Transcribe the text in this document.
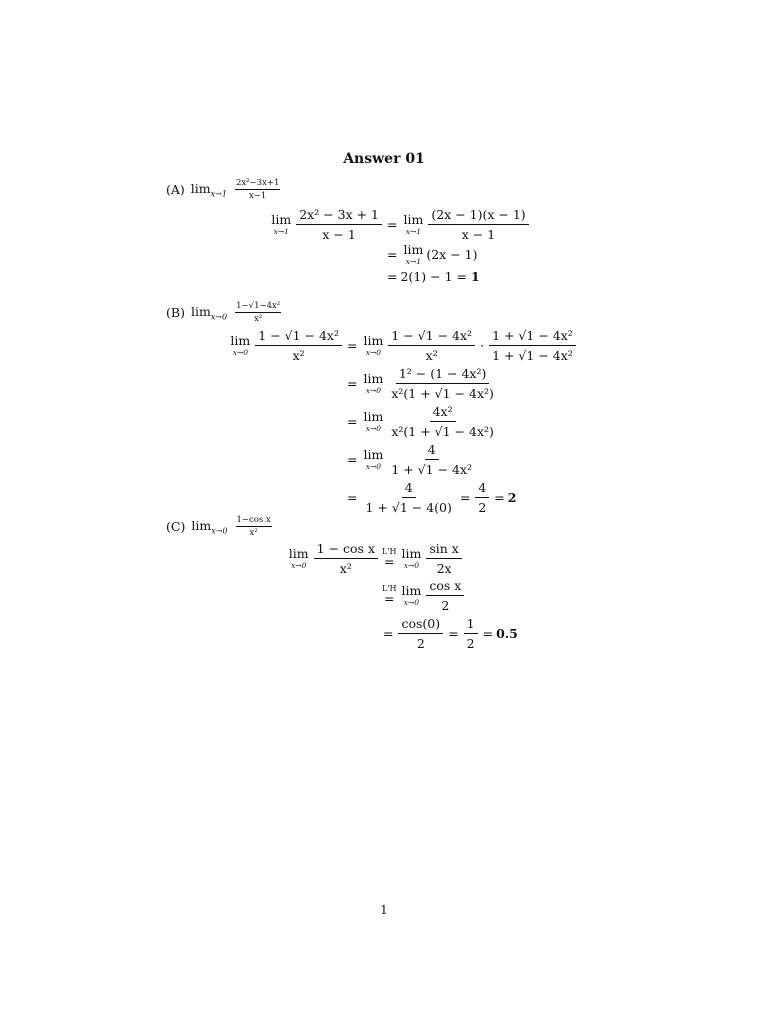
Answer 01
(A) $\lim_{x\to 1} \frac{\text{2x²−3x+1}}{x-1}$
lim
$x\to 1 \frac{\text{2x² − 3x + 1}}{x - 1} = \lim$
$x\to 1 \frac{(2x - 1)(x - 1)}{x - 1}$
= lim
x→1 (2x − 1)
= 2(1) − 1 =
1
(B) $\lim_{x\to 0} \frac{\text{1−√1−4x²}}{\text{x²}}$
lim
$x\to 0 \frac{\text{1 − √1 − 4x²}}{\text{x²}} = \lim$
$x\to 0 \frac{\text{1 − √1 − 4x²}}{\text{x²}} \cdot \frac{\text{1 + √1 − 4x²}}{\text{1 + √1 − 4x²}}$
= lim
$x\to 0 \frac{\text{1² − (1 − 4x²)}}{\text{x²(1 + √1 − 4x²)}}$
= lim
$x\to 0 \frac{\text{4x²}}{\text{x²(1 + √1 − 4x²)}}$
= lim
$x\to 0 \frac{4}{\text{1 + √1 − 4x²}}$
= $\frac{4}{1 + √1 - 4(0)} = \frac{4}{2} = 2$
(C) $\lim_{x\to 0} \frac{\text{1−cos x}}{\text{x²}}$
lim
$x\to 0 \frac{\text{1 − cos x}}{\text{x²}} L'H$
=
lim
$x\to 0 \frac{\text{sin x}}{2x}$
L'H
=
lim
$x\to 0 \frac{\text{cos x}}{2}$
= $\frac{\cos(0)}{2} = \frac{1}{2} = 0.5$
1
